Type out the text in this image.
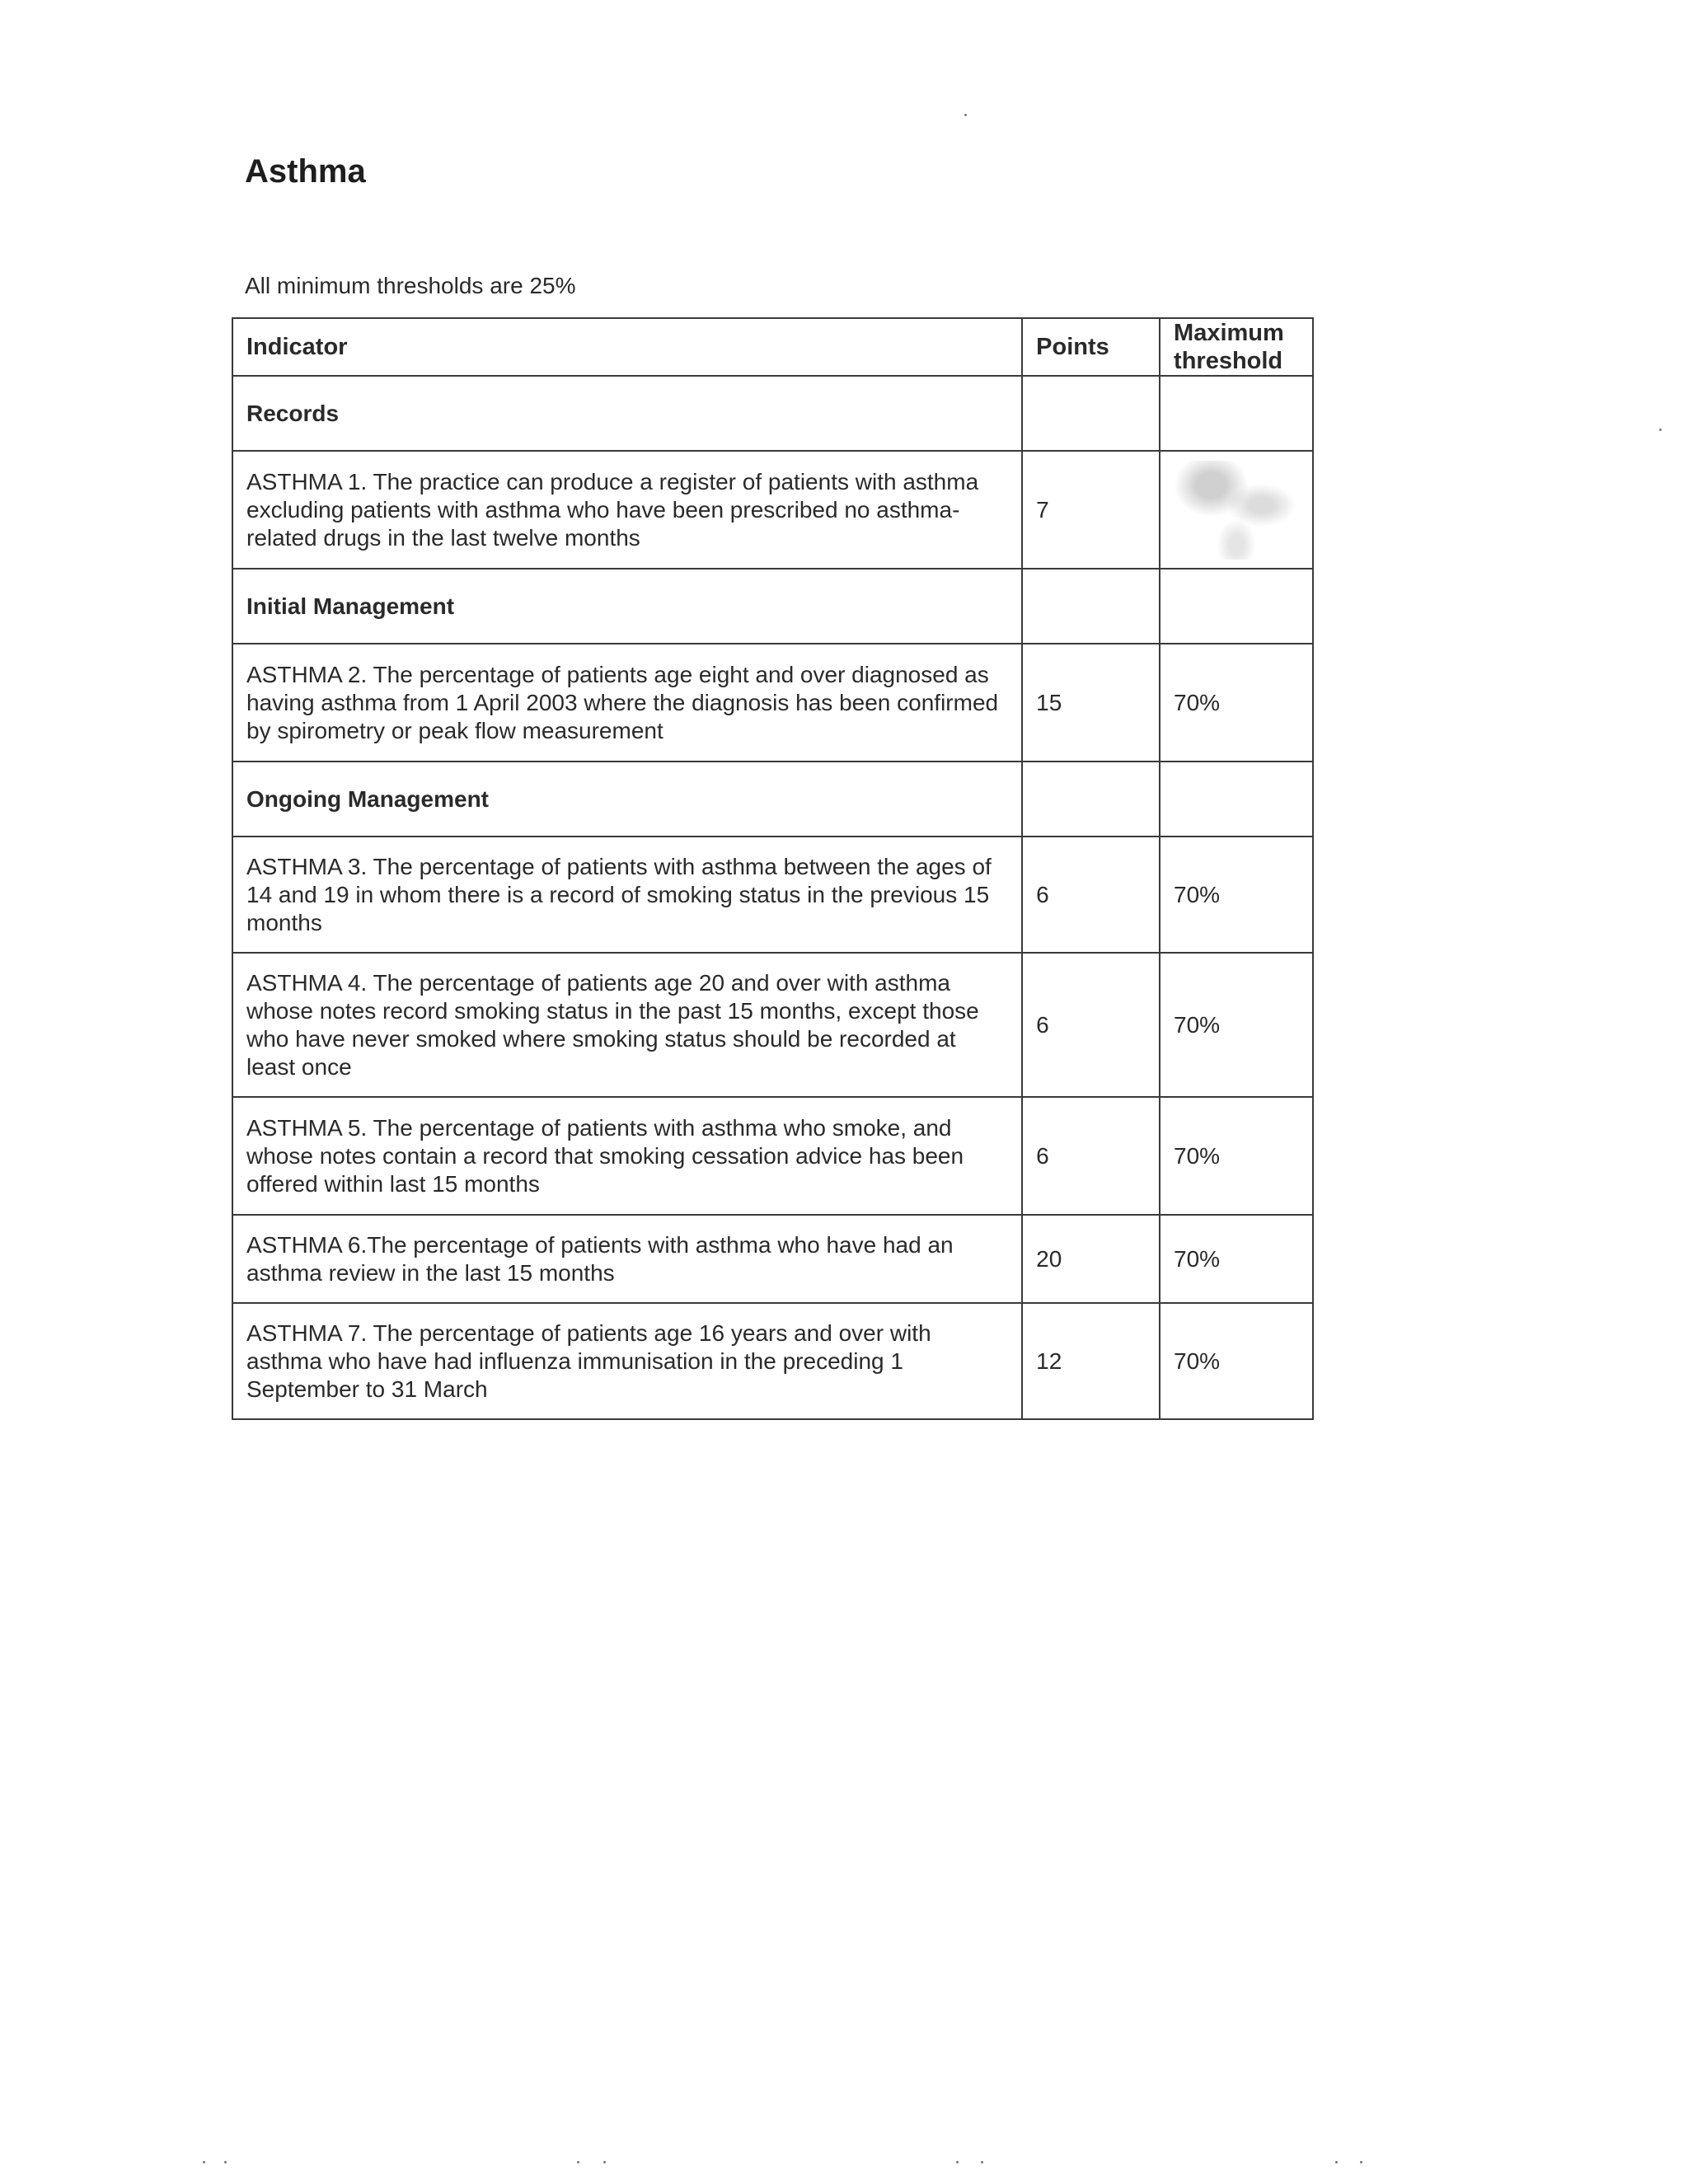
Asthma
All minimum thresholds are 25%
Indicator	Points	Maximum threshold
Records		
ASTHMA 1. The practice can produce a register of patients with asthma excluding patients with asthma who have been prescribed no asthma-related drugs in the last twelve months	7	

Initial Management		
ASTHMA 2. The percentage of patients age eight and over diagnosed as having asthma from 1 April 2003 where the diagnosis has been confirmed by spirometry or peak flow measurement	15	70%
Ongoing Management		
ASTHMA 3. The percentage of patients with asthma between the ages of 14 and 19 in whom there is a record of smoking status in the previous 15 months	6	70%
ASTHMA 4. The percentage of patients age 20 and over with asthma whose notes record smoking status in the past 15 months, except those who have never smoked where smoking status should be recorded at least once	6	70%
ASTHMA 5. The percentage of patients with asthma who smoke, and whose notes contain a record that smoking cessation advice has been offered within last 15 months	6	70%
ASTHMA 6.The percentage of patients with asthma who have had an asthma review in the last 15 months	20	70%
ASTHMA 7. The percentage of patients age 16 years and over with asthma who have had influenza immunisation in the preceding 1 September to 31 March	12	70%
